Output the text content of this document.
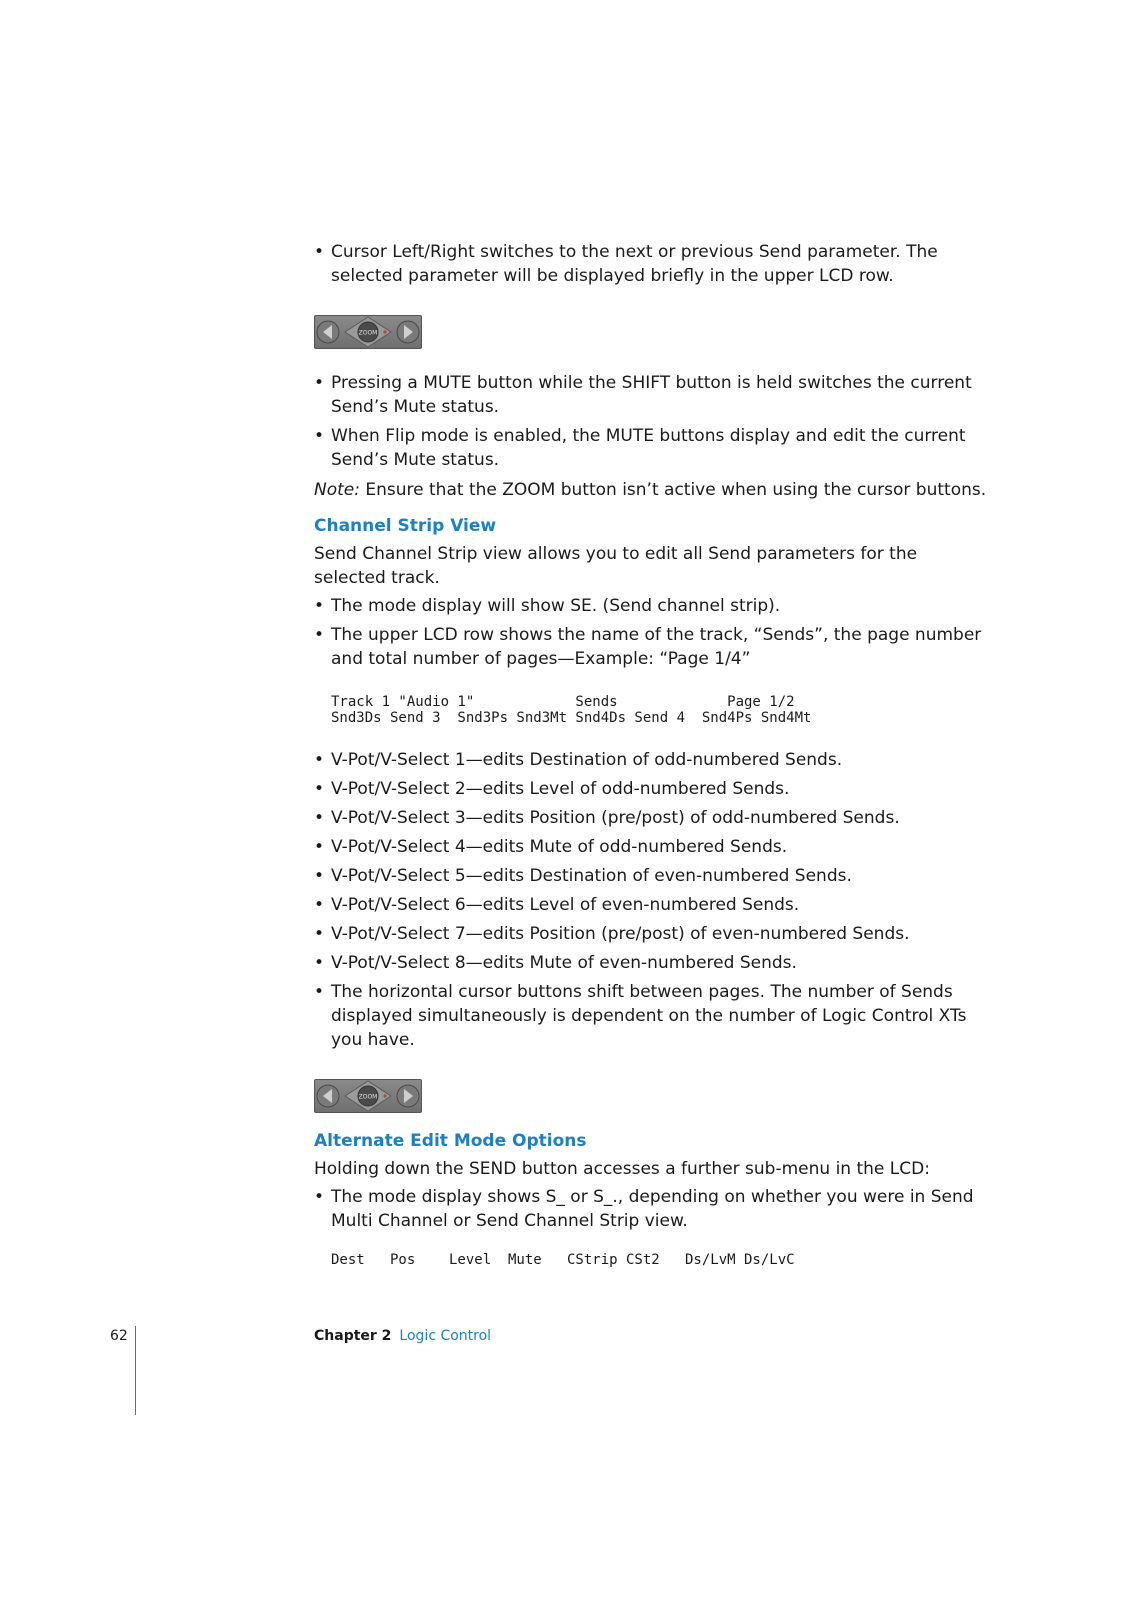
• Cursor Left/Right switches to the next or previous Send parameter. The selected parameter will be displayed briefly in the upper LCD row.
ZOOM
• Pressing a MUTE button while the SHIFT button is held switches the current Send’s Mute status.
• When Flip mode is enabled, the MUTE buttons display and edit the current Send’s Mute status.

Note: Ensure that the ZOOM button isn’t active when using the cursor buttons.

Channel Strip View

Send Channel Strip view allows you to edit all Send parameters for the selected track.

• The mode display will show SE. (Send channel strip).
• The upper LCD row shows the name of the track, “Sends”, the page number and total number of pages—Example: “Page 1/4”
Track 1 "Audio 1"            Sends             Page 1/2
Snd3Ds Send 3  Snd3Ps Snd3Mt Snd4Ds Send 4  Snd4Ps Snd4Mt
• V-Pot/V-Select 1—edits Destination of odd-numbered Sends.
• V-Pot/V-Select 2—edits Level of odd-numbered Sends.
• V-Pot/V-Select 3—edits Position (pre/post) of odd-numbered Sends.
• V-Pot/V-Select 4—edits Mute of odd-numbered Sends.
• V-Pot/V-Select 5—edits Destination of even-numbered Sends.
• V-Pot/V-Select 6—edits Level of even-numbered Sends.
• V-Pot/V-Select 7—edits Position (pre/post) of even-numbered Sends.
• V-Pot/V-Select 8—edits Mute of even-numbered Sends.
• The horizontal cursor buttons shift between pages. The number of Sends displayed simultaneously is dependent on the number of Logic Control XTs you have.
ZOOM
Alternate Edit Mode Options

Holding down the SEND button accesses a further sub-menu in the LCD:

• The mode display shows S_ or S_., depending on whether you were in Send Multi Channel or Send Channel Strip view.
Dest   Pos    Level  Mute   CStrip CSt2   Ds/LvM Ds/LvC
62	Chapter 2 Logic Control
